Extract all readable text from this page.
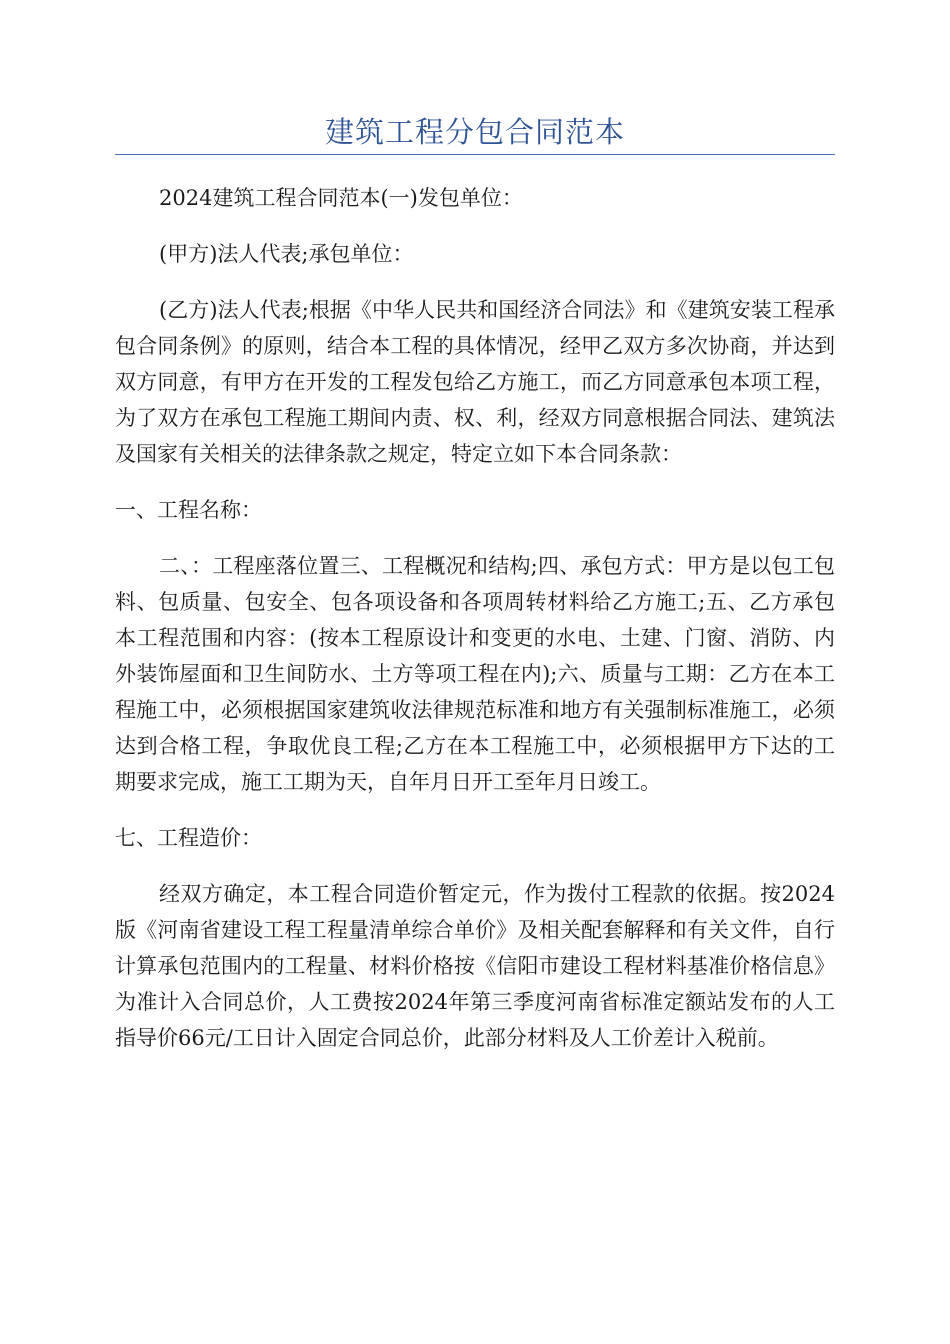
建筑工程分包合同范本

2024建筑工程合同范本(一)发包单位：

(甲方)法人代表;承包单位：

(乙方)法人代表;根据《中华人民共和国经济合同法》和《建筑安装工程承包合同条例》的原则，结合本工程的具体情况，经甲乙双方多次协商，并达到双方同意，有甲方在开发的工程发包给乙方施工，而乙方同意承包本项工程，为了双方在承包工程施工期间内责、权、利，经双方同意根据合同法、建筑法及国家有关相关的法律条款之规定，特定立如下本合同条款：

一、工程名称：

二、：工程座落位置三、工程概况和结构;四、承包方式：甲方是以包工包料、包质量、包安全、包各项设备和各项周转材料给乙方施工;五、乙方承包本工程范围和内容：(按本工程原设计和变更的水电、土建、门窗、消防、内外装饰屋面和卫生间防水、土方等项工程在内);六、质量与工期：乙方在本工程施工中，必须根据国家建筑收法律规范标准和地方有关强制标准施工，必须达到合格工程，争取优良工程;乙方在本工程施工中，必须根据甲方下达的工期要求完成，施工工期为天，自年月日开工至年月日竣工。

七、工程造价：

经双方确定，本工程合同造价暂定元，作为拨付工程款的依据。按2024版《河南省建设工程工程量清单综合单价》及相关配套解释和有关文件，自行计算承包范围内的工程量、材料价格按《信阳市建设工程材料基准价格信息》为准计入合同总价，人工费按2024年第三季度河南省标准定额站发布的人工指导价66元/工日计入固定合同总价，此部分材料及人工价差计入税前。
